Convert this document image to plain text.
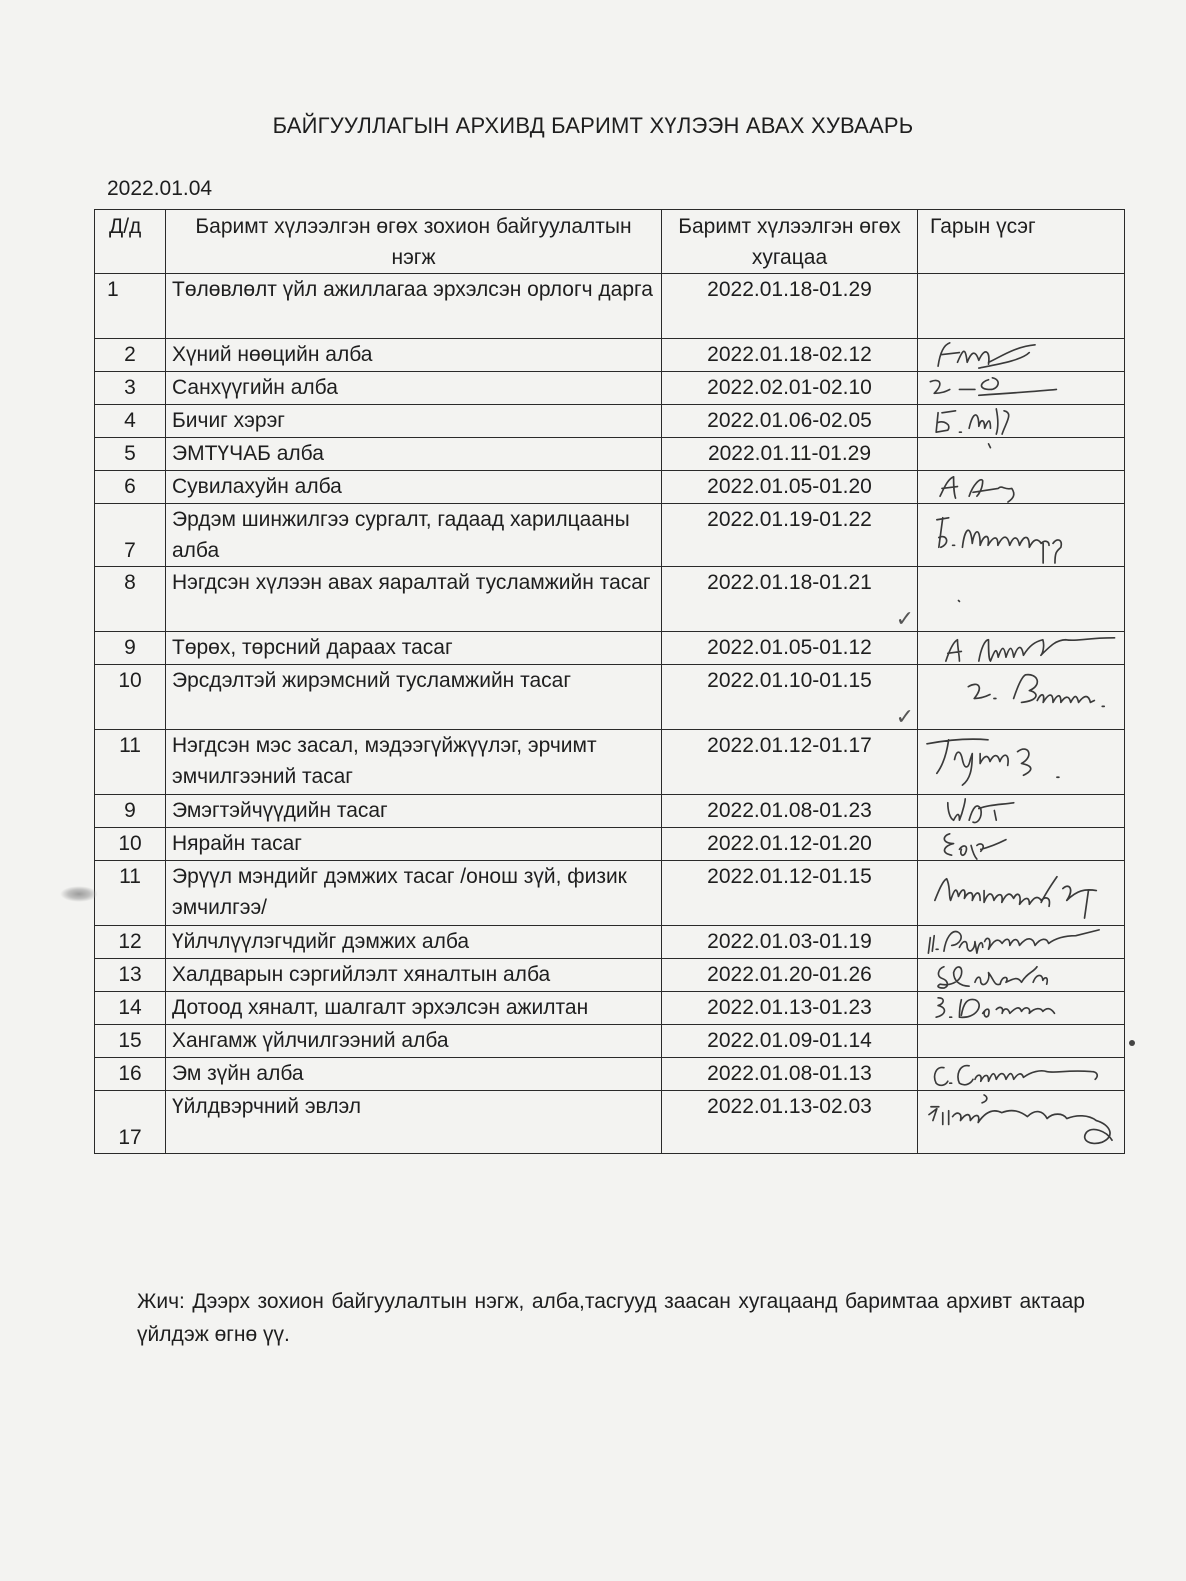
БАЙГУУЛЛАГЫН АРХИВД БАРИМТ ХҮЛЭЭН АВАХ ХУВААРЬ
2022.01.04
Д/д	Баримт хүлээлгэн өгөх зохион байгуулалтын нэгж	Баримт хүлээлгэн өгөх хугацаа	Гарын үсэг
1	Төлөвлөлт үйл ажиллагаа эрхэлсэн орлогч дарга	2022.01.18-01.29	
2	Хүний нөөцийн алба	2022.01.18-02.12	

3	Санхүүгийн алба	2022.02.01-02.10	

4	Бичиг хэрэг	2022.01.06-02.05	

5	ЭМТҮЧАБ алба	2022.01.11-01.29	

6	Сувилахуйн алба	2022.01.05-01.20	

7	Эрдэм шинжилгээ сургалт, гадаад харилцааны алба	2022.01.19-01.22	

8	Нэгдсэн хүлээн авах яаралтай тусламжийн тасаг	2022.01.18-01.21
✓

9	Төрөх, төрсний дараах тасаг	2022.01.05-01.12	

10	Эрсдэлтэй жирэмсний тусламжийн тасаг	2022.01.10-01.15
✓

11	Нэгдсэн мэс засал, мэдээгүйжүүлэг, эрчимт эмчилгээний тасаг	2022.01.12-01.17	

9	Эмэгтэйчүүдийн тасаг	2022.01.08-01.23	

10	Нярайн тасаг	2022.01.12-01.20	

11	Эрүүл мэндийг дэмжих тасаг /онош зүй, физик эмчилгээ/	2022.01.12-01.15	

12	Үйлчлүүлэгчдийг дэмжих алба	2022.01.03-01.19	

13	Халдварын сэргийлэлт хяналтын алба	2022.01.20-01.26	

14	Дотоод хяналт, шалгалт эрхэлсэн ажилтан	2022.01.13-01.23	

15	Хангамж үйлчилгээний алба	2022.01.09-01.14	
16	Эм зүйн алба	2022.01.08-01.13	

17	Үйлдвэрчний эвлэл	2022.01.13-02.03	
Жич: Дээрх зохион байгуулалтын нэгж, алба,тасгууд заасан хугацаанд баримтаа архивт актаар үйлдэж өгнө үү.
